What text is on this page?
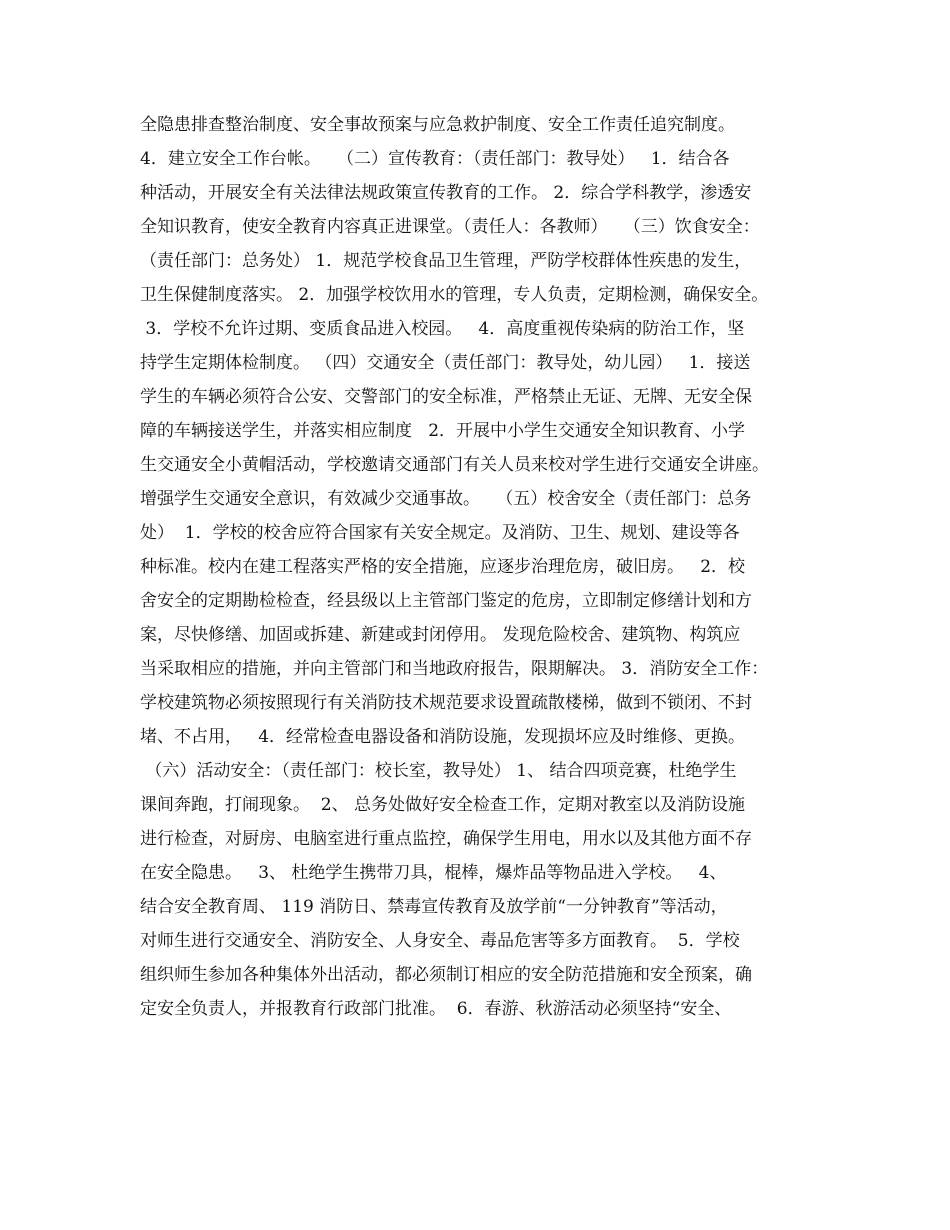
全隐患排查整治制度、安全事故预案与应急救护制度、安全工作责任追究制度。
4．建立安全工作台帐。   （二）宣传教育：（责任部门：教导处）   1．结合各
种活动，开展安全有关法律法规政策宣传教育的工作。 2．综合学科教学，渗透安
全知识教育，使安全教育内容真正进课堂。（责任人：各教师）   （三）饮食安全：
（责任部门：总务处） 1．规范学校食品卫生管理，严防学校群体性疾患的发生，
卫生保健制度落实。 2．加强学校饮用水的管理，专人负责，定期检测，确保安全。
3．学校不允许过期、变质食品进入校园。   4．高度重视传染病的防治工作，坚
持学生定期体检制度。 （四）交通安全（责任部门：教导处，幼儿园）   1．接送
学生的车辆必须符合公安、交警部门的安全标准，严格禁止无证、无牌、无安全保
障的车辆接送学生，并落实相应制度   2．开展中小学生交通安全知识教育、小学
生交通安全小黄帽活动，学校邀请交通部门有关人员来校对学生进行交通安全讲座。
增强学生交通安全意识，有效减少交通事故。   （五）校舍安全（责任部门：总务
处）  1．学校的校舍应符合国家有关安全规定。及消防、卫生、规划、建设等各
种标准。校内在建工程落实严格的安全措施，应逐步治理危房，破旧房。   2．校
舍安全的定期勘检检查，经县级以上主管部门鉴定的危房，立即制定修缮计划和方
案，尽快修缮、加固或拆建、新建或封闭停用。 发现危险校舍、建筑物、构筑应
当采取相应的措施，并向主管部门和当地政府报告，限期解决。 3．消防安全工作：
学校建筑物必须按照现行有关消防技术规范要求设置疏散楼梯，做到不锁闭、不封
堵、不占用，   4．经常检查电器设备和消防设施，发现损坏应及时维修、更换。
（六）活动安全：（责任部门：校长室，教导处） 1、 结合四项竞赛，杜绝学生
课间奔跑，打闹现象。  2、 总务处做好安全检查工作，定期对教室以及消防设施
进行检查，对厨房、电脑室进行重点监控，确保学生用电，用水以及其他方面不存
在安全隐患。   3、 杜绝学生携带刀具，棍棒，爆炸品等物品进入学校。   4、
结合安全教育周、 119 消防日、禁毒宣传教育及放学前“一分钟教育”等活动，
对师生进行交通安全、消防安全、人身安全、毒品危害等多方面教育。  5．学校
组织师生参加各种集体外出活动，都必须制订相应的安全防范措施和安全预案，确
定安全负责人，并报教育行政部门批准。  6．春游、秋游活动必须坚持“安全、
